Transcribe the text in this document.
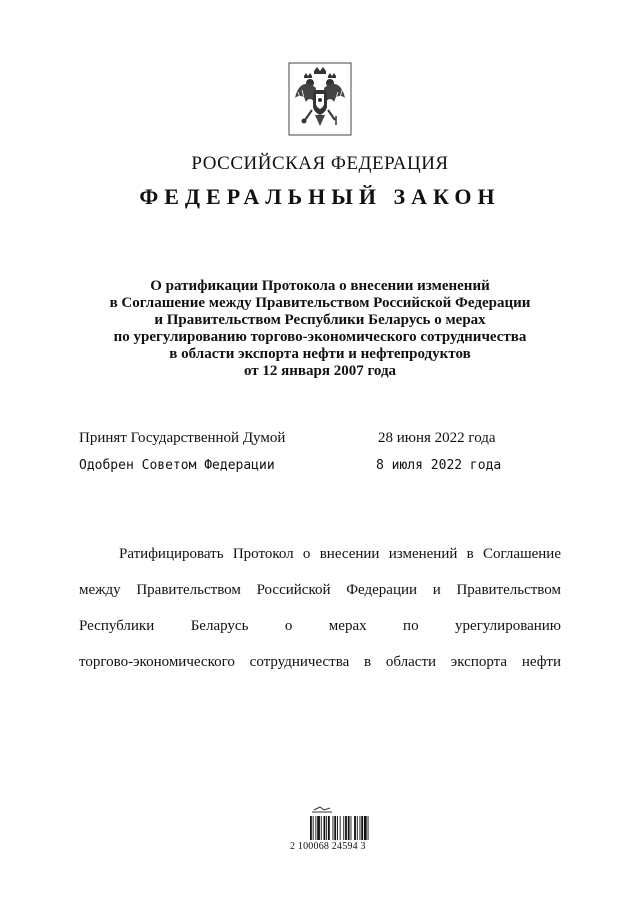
РОССИЙСКАЯ ФЕДЕРАЦИЯ
ФЕДЕРАЛЬНЫЙ ЗАКОН
О ратификации Протокола о внесении изменений
в Соглашение между Правительством Российской Федерации
и Правительством Республики Беларусь о мерах
по урегулированию торгово-экономического сотрудничества
в области экспорта нефти и нефтепродуктов
от 12 января 2007 года
Принят Государственной Думой	28 июня 2022 года
Одобрен Советом Федерации	8 июля 2022 года
Ратифицировать Протокол о внесении изменений в Соглашение
между Правительством Российской Федерации и Правительством
Республики Беларусь о мерах по урегулированию
торгово-экономического сотрудничества в области экспорта нефти
2 100068 24594 3
